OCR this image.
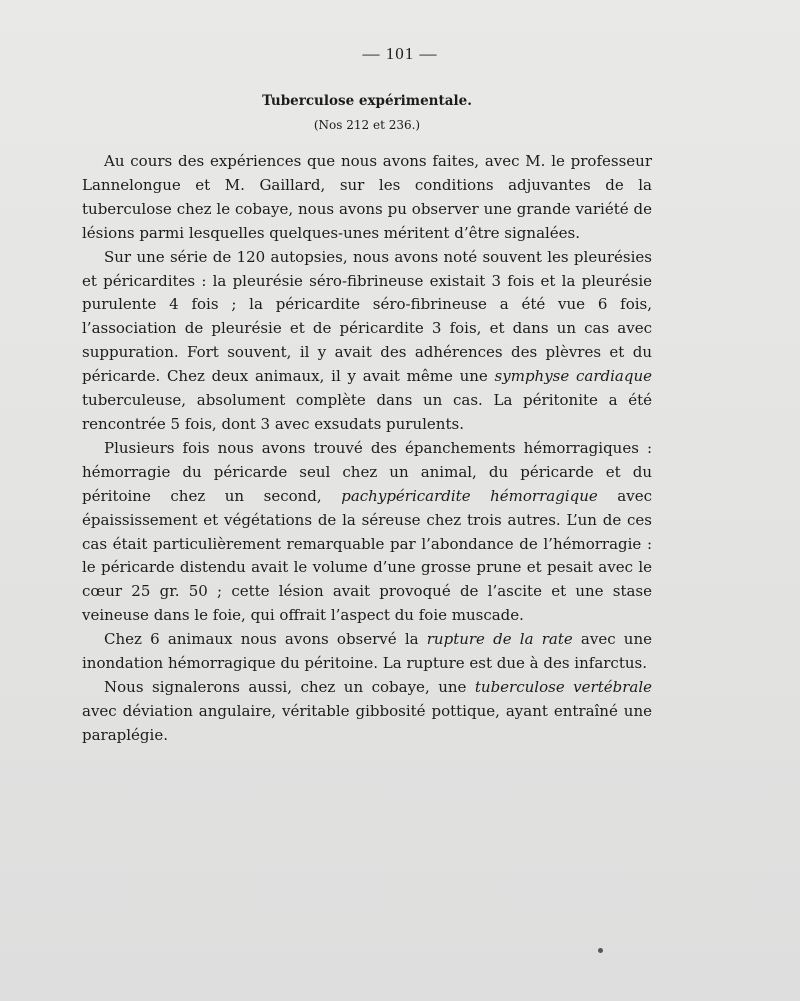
— 101 —
Tuberculose expérimentale.
(Nos 212 et 236.)

Au cours des expériences que nous avons faites, avec M. le professeur Lannelongue et M. Gaillard, sur les conditions adjuvantes de la tuberculose chez le cobaye, nous avons pu observer une grande variété de lésions parmi lesquelles quelques-unes méritent d’être signalées.

Sur une série de 120 autopsies, nous avons noté souvent les pleurésies et péricardites : la pleurésie séro-fibrineuse existait 3 fois et la pleurésie purulente 4 fois ; la péricardite séro-fibrineuse a été vue 6 fois, l’association de pleurésie et de péricardite 3 fois, et dans un cas avec suppuration. Fort souvent, il y avait des adhérences des plèvres et du péricarde. Chez deux animaux, il y avait même une symphyse cardiaque tuberculeuse, absolument complète dans un cas. La péritonite a été rencontrée 5 fois, dont 3 avec exsudats purulents.

Plusieurs fois nous avons trouvé des épanchements hémorragiques : hémorragie du péricarde seul chez un animal, du péricarde et du péritoine chez un second, pachypéricardite hémorragique avec épaississement et végétations de la séreuse chez trois autres. L’un de ces cas était particulièrement remarquable par l’abondance de l’hémorragie : le péricarde distendu avait le volume d’une grosse prune et pesait avec le cœur 25 gr. 50 ; cette lésion avait provoqué de l’ascite et une stase veineuse dans le foie, qui offrait l’aspect du foie muscade.

Chez 6 animaux nous avons observé la rupture de la rate avec une inondation hémorragique du péritoine. La rupture est due à des infarctus.

Nous signalerons aussi, chez un cobaye, une tuberculose vertébrale avec déviation angulaire, véritable gibbosité pottique, ayant entraîné une paraplégie.
